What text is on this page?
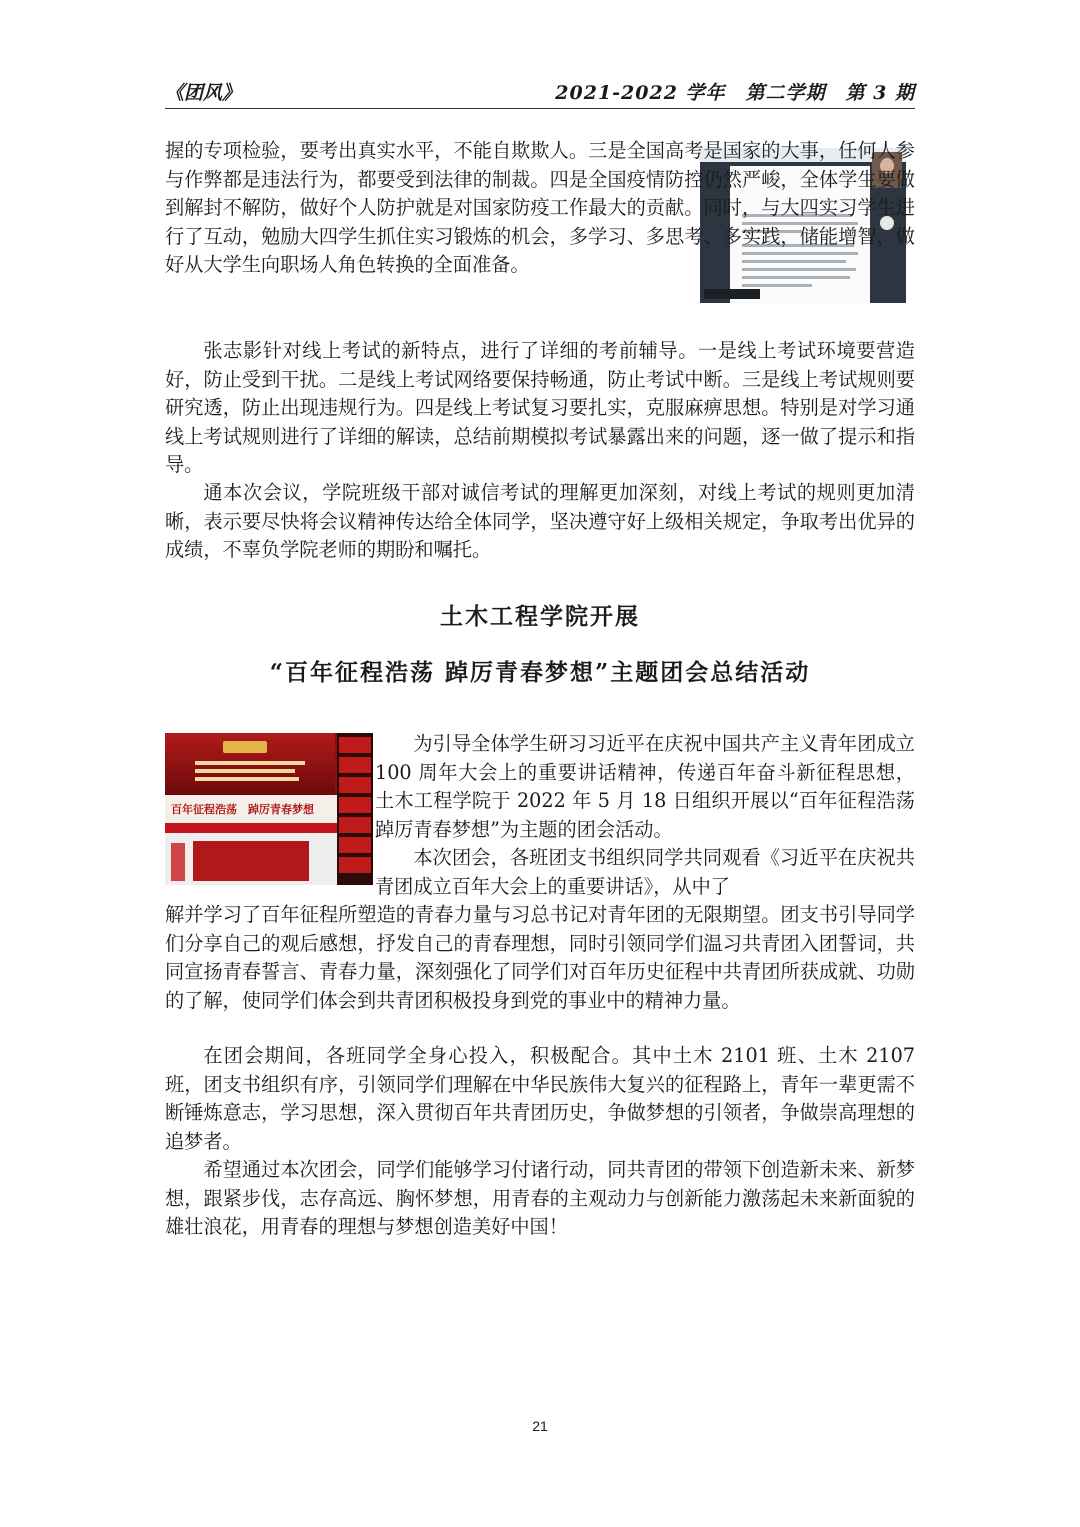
《团风》	2021-2022 学年　第二学期　第 3 期

握的专项检验，要考出真实水平，不能自欺欺人。三是全国高考是国家的大事，任何人参与作弊都是违法行为，都要受到法律的制裁。四是全国疫情防控仍然严峻，全体学生要做到解封不解防，做好个人防护就是对国家防疫工作最大的贡献。同时，与大四实习学生进行了互动，勉励大四学生抓住实习锻炼的机会，多学习、多思考、多实践，储能增智，做好从大学生向职场人角色转换的全面准备。

张志影针对线上考试的新特点，进行了详细的考前辅导。一是线上考试环境要营造好，防止受到干扰。二是线上考试网络要保持畅通，防止考试中断。三是线上考试规则要研究透，防止出现违规行为。四是线上考试复习要扎实，克服麻痹思想。特别是对学习通线上考试规则进行了详细的解读，总结前期模拟考试暴露出来的问题，逐一做了提示和指导。

通本次会议，学院班级干部对诚信考试的理解更加深刻，对线上考试的规则更加清晰，表示要尽快将会议精神传达给全体同学，坚决遵守好上级相关规定，争取考出优异的成绩，不辜负学院老师的期盼和嘱托。

土木工程学院开展
“百年征程浩荡 踔厉青春梦想”主题团会总结活动
百年征程浩荡　踔厉青春梦想

为引导全体学生研习习近平在庆祝中国共产主义青年团成立 100 周年大会上的重要讲话精神，传递百年奋斗新征程思想，土木工程学院于 2022 年 5 月 18 日组织开展以“百年征程浩荡　踔厉青春梦想”为主题的团会活动。

本次团会，各班团支书组织同学共同观看《习近平在庆祝共青团成立百年大会上的重要讲话》，从中了
解并学习了百年征程所塑造的青春力量与习总书记对青年团的无限期望。团支书引导同学们分享自己的观后感想，抒发自己的青春理想，同时引领同学们温习共青团入团誓词，共同宣扬青春誓言、青春力量，深刻强化了同学们对百年历史征程中共青团所获成就、功勋的了解，使同学们体会到共青团积极投身到党的事业中的精神力量。

在团会期间，各班同学全身心投入，积极配合。其中土木 2101 班、土木 2107 班，团支书组织有序，引领同学们理解在中华民族伟大复兴的征程路上，青年一辈更需不断锤炼意志，学习思想，深入贯彻百年共青团历史，争做梦想的引领者，争做崇高理想的追梦者。

希望通过本次团会，同学们能够学习付诸行动，同共青团的带领下创造新未来、新梦想，跟紧步伐，志存高远、胸怀梦想，用青春的主观动力与创新能力激荡起未来新面貌的雄壮浪花，用青春的理想与梦想创造美好中国！

21
